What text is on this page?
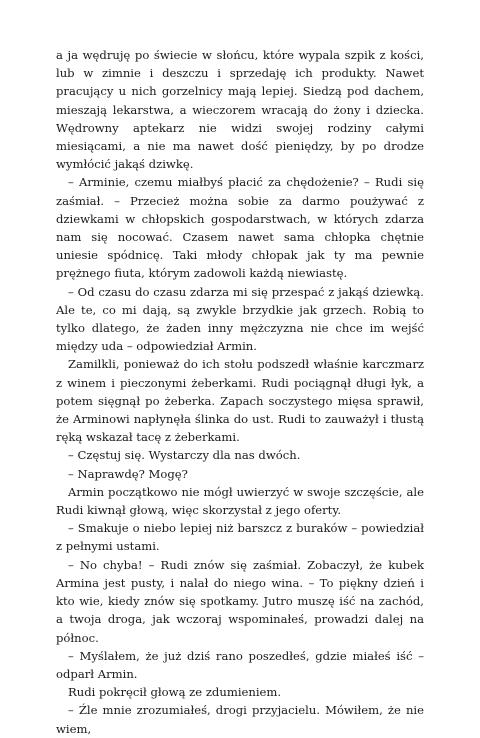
a ja wędruję po świecie w słońcu, które wypala szpik z kości, lub w zimnie i deszczu i sprzedaję ich produkty. Nawet pracujący u nich gorzelnicy mają lepiej. Siedzą pod dachem, mieszają lekarstwa, a wieczorem wracają do żony i dziecka. Wędrowny aptekarz nie widzi swojej rodziny całymi miesiącami, a nie ma nawet dość pieniędzy, by po drodze wymłócić jakąś dziwkę.

– Arminie, czemu miałbyś płacić za chędożenie? – Rudi się zaśmiał. – Przecież można sobie za darmo poużywać z dziewkami w chłopskich gospodarstwach, w których zdarza nam się nocować. Czasem nawet sama chłopka chętnie uniesie spódnicę. Taki młody chłopak jak ty ma pewnie prężnego fiuta, którym zadowoli każdą niewiastę.

– Od czasu do czasu zdarza mi się przespać z jakąś dziewką. Ale te, co mi dają, są zwykle brzydkie jak grzech. Robią to tylko dlatego, że żaden inny mężczyzna nie chce im wejść między uda – odpowiedział Armin.

Zamilkli, ponieważ do ich stołu podszedł właśnie karczmarz z winem i pieczonymi żeberkami. Rudi pociągnął długi łyk, a potem sięgnął po żeberka. Zapach soczystego mięsa sprawił, że Arminowi napłynęła ślinka do ust. Rudi to zauważył i tłustą ręką wskazał tacę z żeberkami.

– Częstuj się. Wystarczy dla nas dwóch.

– Naprawdę? Mogę?

Armin początkowo nie mógł uwierzyć w swoje szczęście, ale Rudi kiwnął głową, więc skorzystał z jego oferty.

– Smakuje o niebo lepiej niż barszcz z buraków – powiedział z pełnymi ustami.

– No chyba! – Rudi znów się zaśmiał. Zobaczył, że kubek Armina jest pusty, i nalał do niego wina. – To piękny dzień i kto wie, kiedy znów się spotkamy. Jutro muszę iść na zachód, a twoja droga, jak wczoraj wspominałeś, prowadzi dalej na północ.

– Myślałem, że już dziś rano poszedłeś, gdzie miałeś iść – odparł Armin.

Rudi pokręcił głową ze zdumieniem.

– Źle mnie zrozumiałeś, drogi przyjacielu. Mówiłem, że nie wiem,
